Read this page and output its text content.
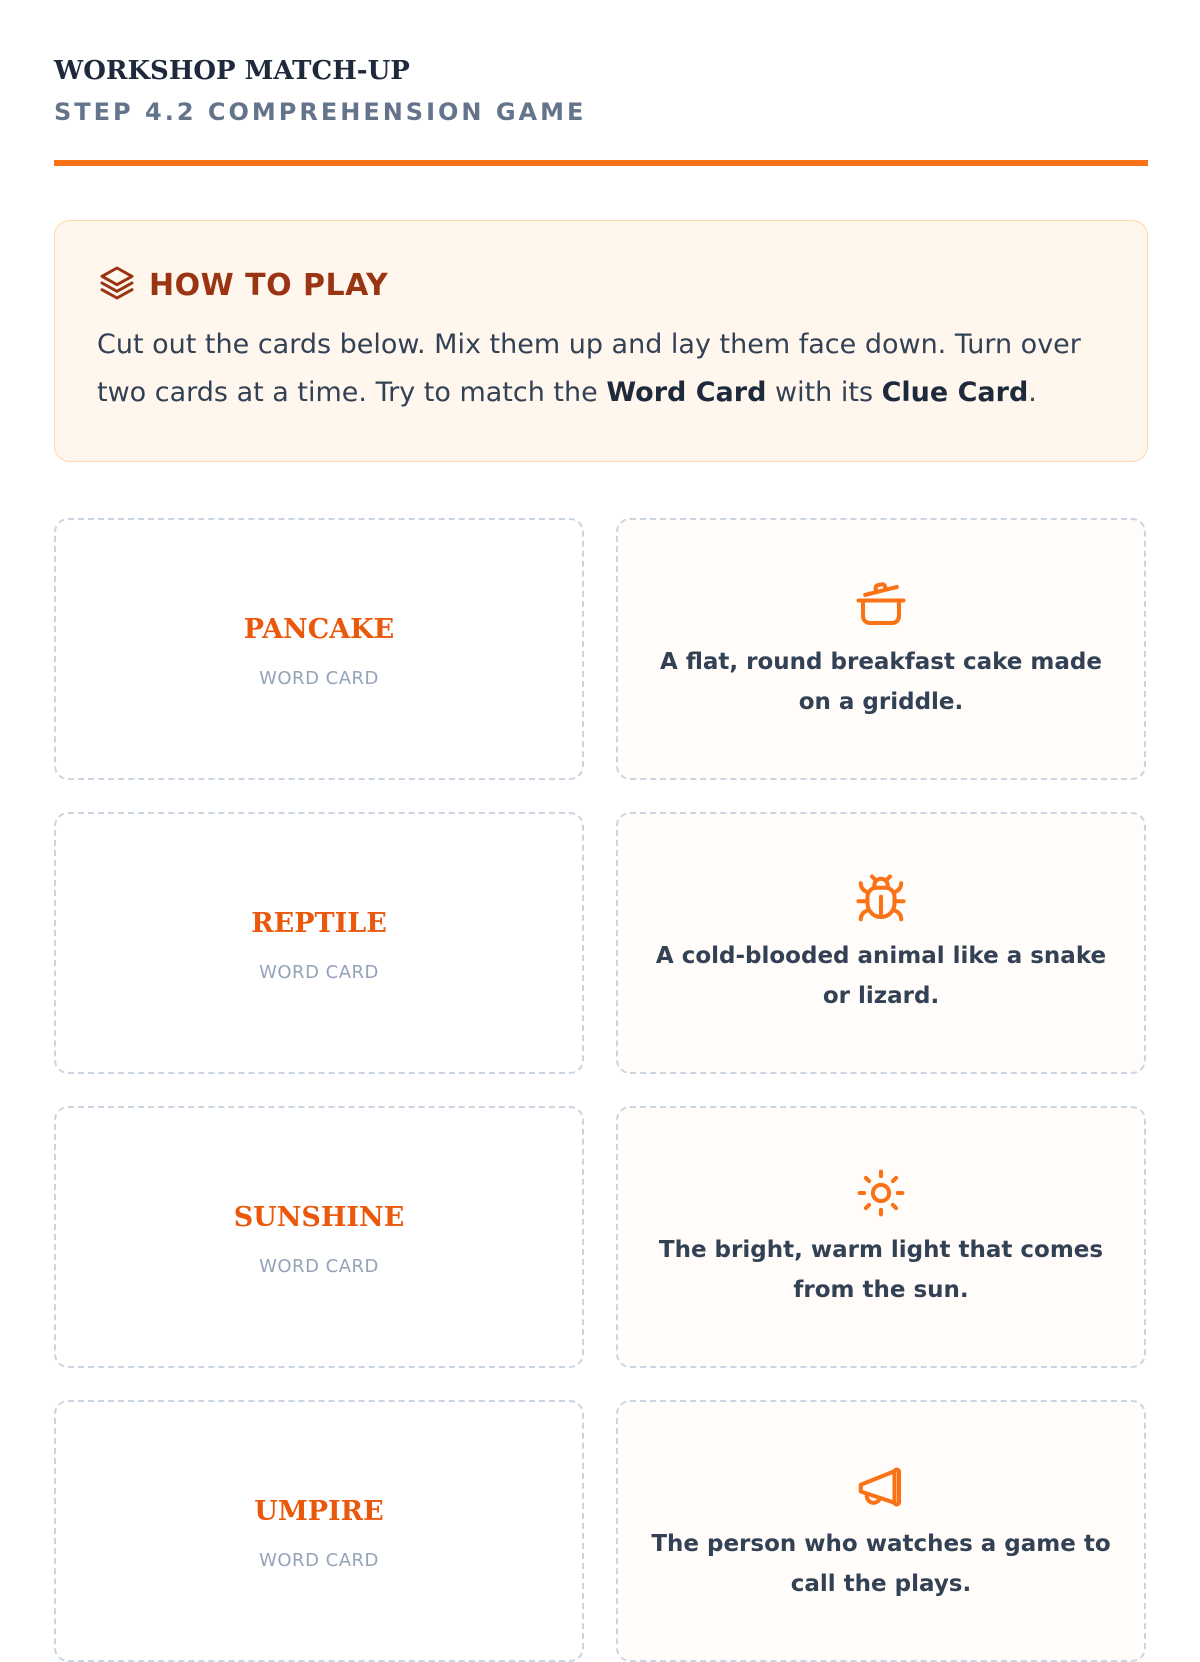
WORKSHOP MATCH-UP
STEP 4.2 COMPREHENSION GAME
HOW TO PLAY
Cut out the cards below. Mix them up and lay them face down. Turn over two cards at a time. Try to match the Word Card with its Clue Card.
PANCAKE
WORD CARD
A flat, round breakfast cake made on a griddle.
REPTILE
WORD CARD
A cold-blooded animal like a snake or lizard.
SUNSHINE
WORD CARD
The bright, warm light that comes from the sun.
UMPIRE
WORD CARD
The person who watches a game to call the plays.
